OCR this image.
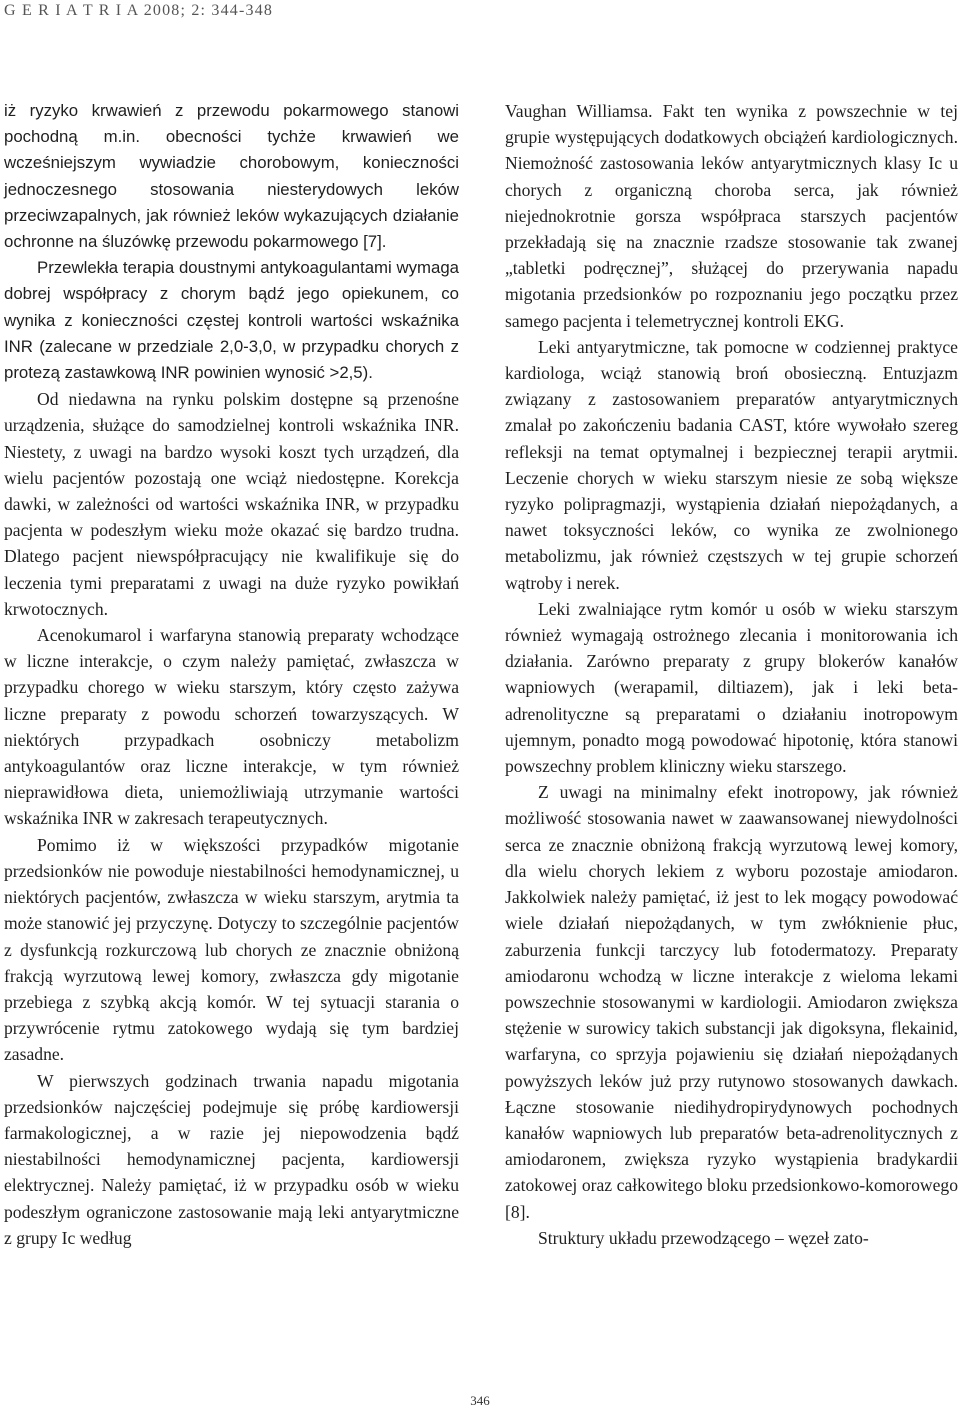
G E R I A T R I A 2008; 2: 344-348

iż ryzyko krwawień z przewodu pokarmowego stanowi pochodną m.in. obecności tychże krwawień we wcześniejszym wywiadzie chorobowym, konieczności jednoczesnego stosowania niesterydowych leków przeciwzapalnych, jak również leków wykazujących działanie ochronne na śluzówkę przewodu pokarmowego [7].

Przewlekła terapia doustnymi antykoagulantami wymaga dobrej współpracy z chorym bądź jego opiekunem, co wynika z konieczności częstej kontroli wartości wskaźnika INR (zalecane w przedziale 2,0-3,0, w przypadku chorych z protezą zastawkową INR powinien wynosić >2,5).

Od niedawna na rynku polskim dostępne są przenośne urządzenia, służące do samodzielnej kontroli wskaźnika INR. Niestety, z uwagi na bardzo wysoki koszt tych urządzeń, dla wielu pacjentów pozostają one wciąż niedostępne. Korekcja dawki, w zależności od wartości wskaźnika INR, w przypadku pacjenta w podeszłym wieku może okazać się bardzo trudna. Dlatego pacjent niewspółpracujący nie kwalifikuje się do leczenia tymi preparatami z uwagi na duże ryzyko powikłań krwotocznych.

Acenokumarol i warfaryna stanowią preparaty wchodzące w liczne interakcje, o czym należy pamiętać, zwłaszcza w przypadku chorego w wieku starszym, który często zażywa liczne preparaty z powodu schorzeń towarzyszących. W niektórych przypadkach osobniczy metabolizm antykoagulantów oraz liczne interakcje, w tym również nieprawidłowa dieta, uniemożliwiają utrzymanie wartości wskaźnika INR w zakresach terapeutycznych.

Pomimo iż w większości przypadków migotanie przedsionków nie powoduje niestabilności hemodynamicznej, u niektórych pacjentów, zwłaszcza w wieku starszym, arytmia ta może stanowić jej przyczynę. Dotyczy to szczególnie pacjentów z dysfunkcją rozkurczową lub chorych ze znacznie obniżoną frakcją wyrzutową lewej komory, zwłaszcza gdy migotanie przebiega z szybką akcją komór. W tej sytuacji starania o przywrócenie rytmu zatokowego wydają się tym bardziej zasadne.

W pierwszych godzinach trwania napadu migotania przedsionków najczęściej podejmuje się próbę kardiowersji farmakologicznej, a w razie jej niepowodzenia bądź niestabilności hemodynamicznej pacjenta, kardiowersji elektrycznej. Należy pamiętać, iż w przypadku osób w wieku podeszłym ograniczone zastosowanie mają leki antyarytmiczne z grupy Ic według

Vaughan Williamsa. Fakt ten wynika z powszechnie w tej grupie występujących dodatkowych obciążeń kardiologicznych. Niemożność zastosowania leków antyarytmicznych klasy Ic u chorych z organiczną choroba serca, jak również niejednokrotnie gorsza współpraca starszych pacjentów przekładają się na znacznie rzadsze stosowanie tak zwanej „tabletki podręcznej”, służącej do przerywania napadu migotania przedsionków po rozpoznaniu jego początku przez samego pacjenta i telemetrycznej kontroli EKG.

Leki antyarytmiczne, tak pomocne w codziennej praktyce kardiologa, wciąż stanowią broń obosieczną. Entuzjazm związany z zastosowaniem preparatów antyarytmicznych zmalał po zakończeniu badania CAST, które wywołało szereg refleksji na temat optymalnej i bezpiecznej terapii arytmii. Leczenie chorych w wieku starszym niesie ze sobą większe ryzyko polipragmazji, wystąpienia działań niepożądanych, a nawet toksyczności leków, co wynika ze zwolnionego metabolizmu, jak również częstszych w tej grupie schorzeń wątroby i nerek.

Leki zwalniające rytm komór u osób w wieku starszym również wymagają ostrożnego zlecania i monitorowania ich działania. Zarówno preparaty z grupy blokerów kanałów wapniowych (werapamil, diltiazem), jak i leki beta-adrenolityczne są preparatami o działaniu inotropowym ujemnym, ponadto mogą powodować hipotonię, która stanowi powszechny problem kliniczny wieku starszego.

Z uwagi na minimalny efekt inotropowy, jak również możliwość stosowania nawet w zaawansowanej niewydolności serca ze znacznie obniżoną frakcją wyrzutową lewej komory, dla wielu chorych lekiem z wyboru pozostaje amiodaron. Jakkolwiek należy pamiętać, iż jest to lek mogący powodować wiele działań niepożądanych, w tym zwłóknienie płuc, zaburzenia funkcji tarczycy lub fotodermatozy. Preparaty amiodaronu wchodzą w liczne interakcje z wieloma lekami powszechnie stosowanymi w kardiologii. Amiodaron zwiększa stężenie w surowicy takich substancji jak digoksyna, flekainid, warfaryna, co sprzyja pojawieniu się działań niepożądanych powyższych leków już przy rutynowo stosowanych dawkach. Łączne stosowanie niedihydropirydynowych pochodnych kanałów wapniowych lub preparatów beta-adrenolitycznych z amiodaronem, zwiększa ryzyko wystąpienia bradykardii zatokowej oraz całkowitego bloku przedsionkowo-komorowego [8].

Struktury układu przewodzącego – węzeł zato-

346
